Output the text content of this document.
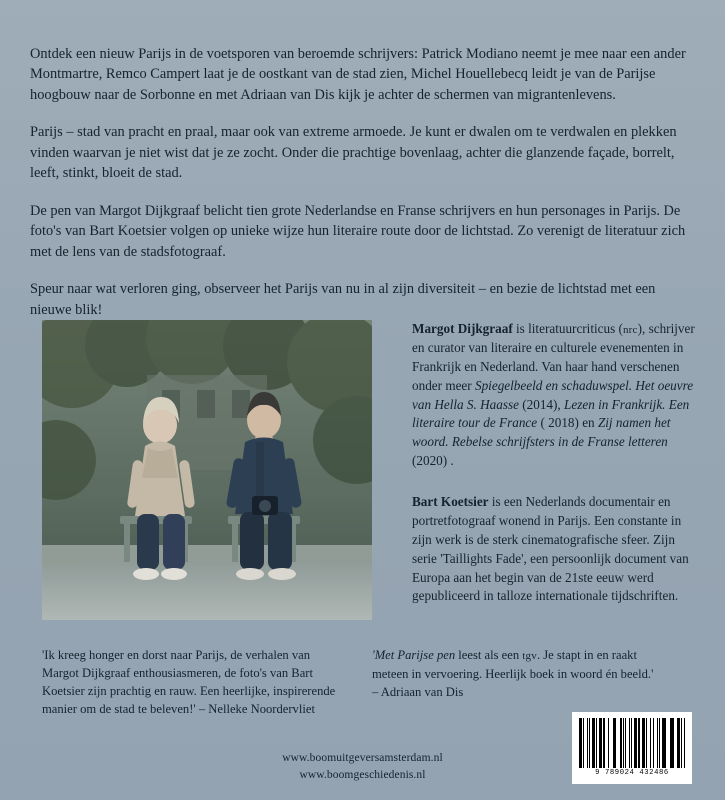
Ontdek een nieuw Parijs in de voetsporen van beroemde schrijvers: Patrick Modiano neemt je mee naar een ander Montmartre, Remco Campert laat je de oostkant van de stad zien, Michel Houellebecq leidt je van de Parijse hoogbouw naar de Sorbonne en met Adriaan van Dis kijk je achter de schermen van migrantenlevens.

Parijs – stad van pracht en praal, maar ook van extreme armoede. Je kunt er dwalen om te verdwalen en plekken vinden waarvan je niet wist dat je ze zocht. Onder die prachtige bovenlaag, achter die glanzende façade, borrelt, leeft, stinkt, bloeit de stad.

De pen van Margot Dijkgraaf belicht tien grote Nederlandse en Franse schrijvers en hun personages in Parijs. De foto's van Bart Koetsier volgen op unieke wijze hun literaire route door de lichtstad. Zo verenigt de literatuur zich met de lens van de stadsfotograaf.

Speur naar wat verloren ging, observeer het Parijs van nu in al zijn diversiteit – en bezie de lichtstad met een nieuwe blik!

Margot Dijkgraaf is literatuurcriticus (nrc), schrijver en curator van literaire en culturele evenementen in Frankrijk en Nederland. Van haar hand verschenen onder meer Spiegelbeeld en schaduwspel. Het oeuvre van Hella S. Haasse (2014), Lezen in Frankrijk. Een literaire tour de France ( 2018) en Zij namen het woord. Rebelse schrijfsters in de Franse letteren (2020) .
Bart Koetsier is een Nederlands documentair en portretfotograaf wonend in Parijs. Een constante in zijn werk is de sterk cinematografische sfeer. Zijn serie 'Taillights Fade', een persoonlijk document van Europa aan het begin van de 21ste eeuw werd gepubliceerd in talloze internationale tijdschriften.
'Ik kreeg honger en dorst naar Parijs, de verhalen van Margot Dijkgraaf enthousiasmeren, de foto's van Bart Koetsier zijn prachtig en rauw. Een heerlijke, inspirerende manier om de stad te beleven!' – Nelleke Noordervliet
'Met Parijse pen leest als een tgv. Je stapt in en raakt meteen in vervoering. Heerlijk boek in woord én beeld.'
– Adriaan van Dis
www.boomuitgeversamsterdam.nl
www.boomgeschiedenis.nl	9 789024 432486
